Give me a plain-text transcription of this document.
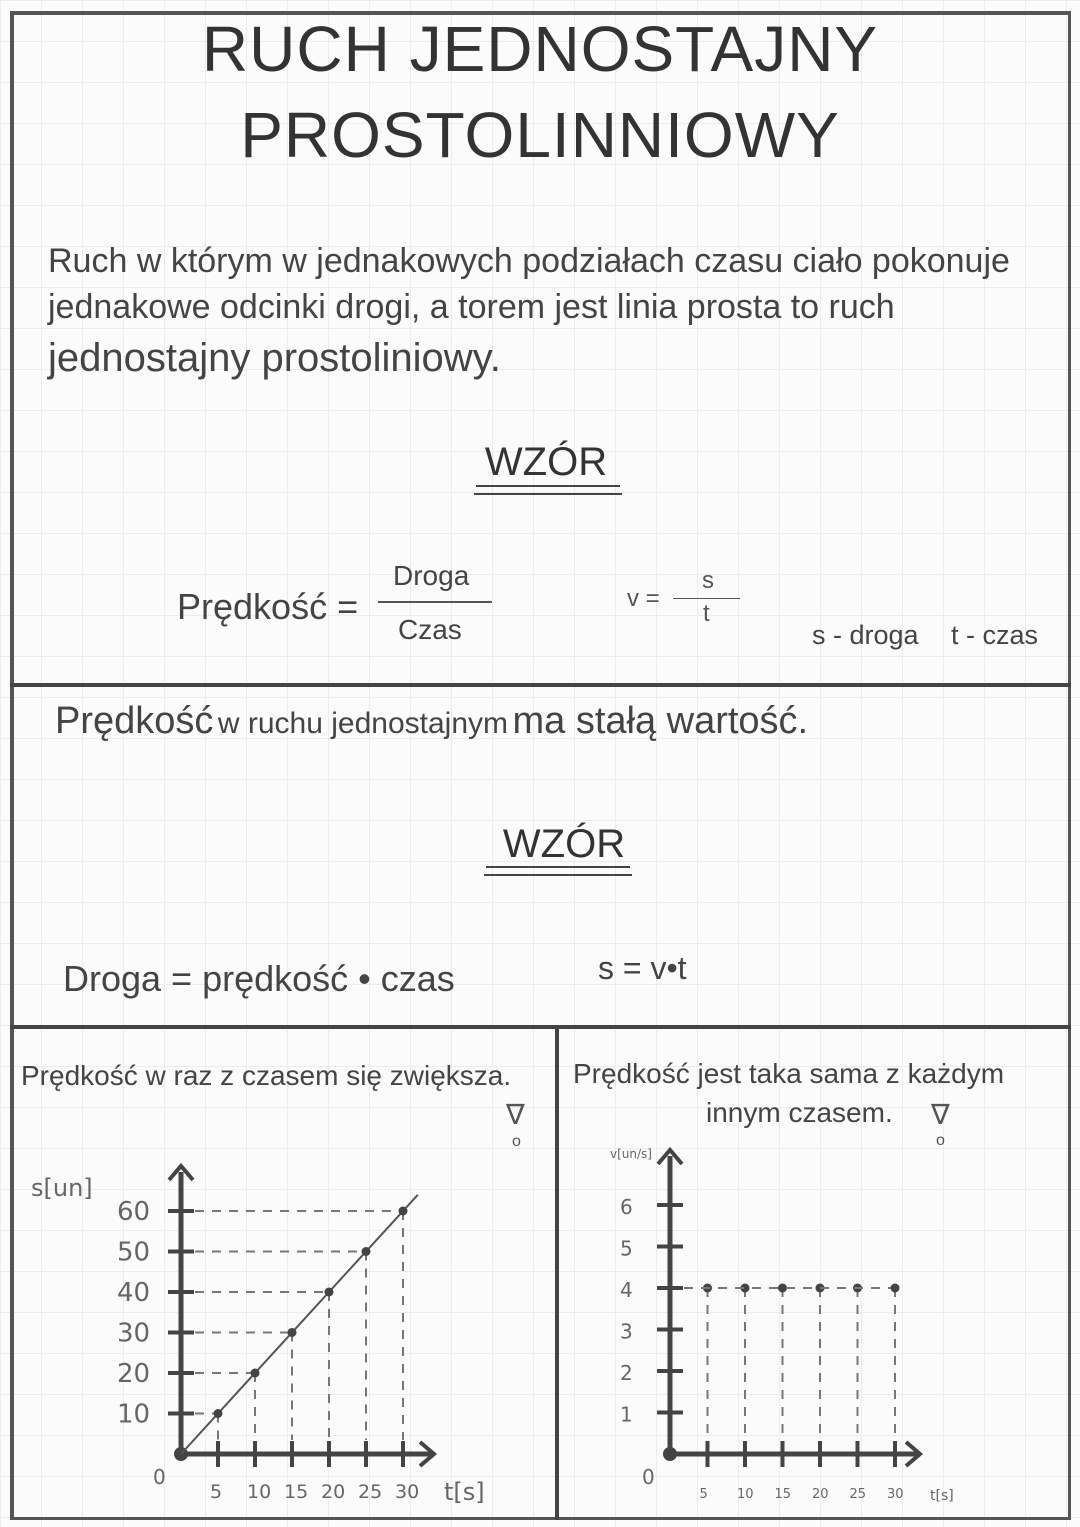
RUCH JEDNOSTAJNY
PROSTOLINNIOWY
Ruch w którym w jednakowych podziałach czasu ciało pokonuje
jednakowe odcinki drogi, a torem jest linia prosta to ruch
jednostajny prostoliniowy.
WZÓR
Prędkość =
Droga
Czas
v =
s
t
s - droga t - czas
Prędkość w ruchu jednostajnym ma stałą wartość.
WZÓR
Droga = prędkość • czas	s = v•t
Prędkość w raz z czasem się zwiększa.
∇
o
Prędkość jest taka sama z każdym
innym czasem. ∇
o
0
5 10 15 20 25 30
10
20
30
40
50
60
t[s]
s[un]
0
5 10 15 20 25 30
1
2
3
4
5
6
t[s]
v[un/s]
